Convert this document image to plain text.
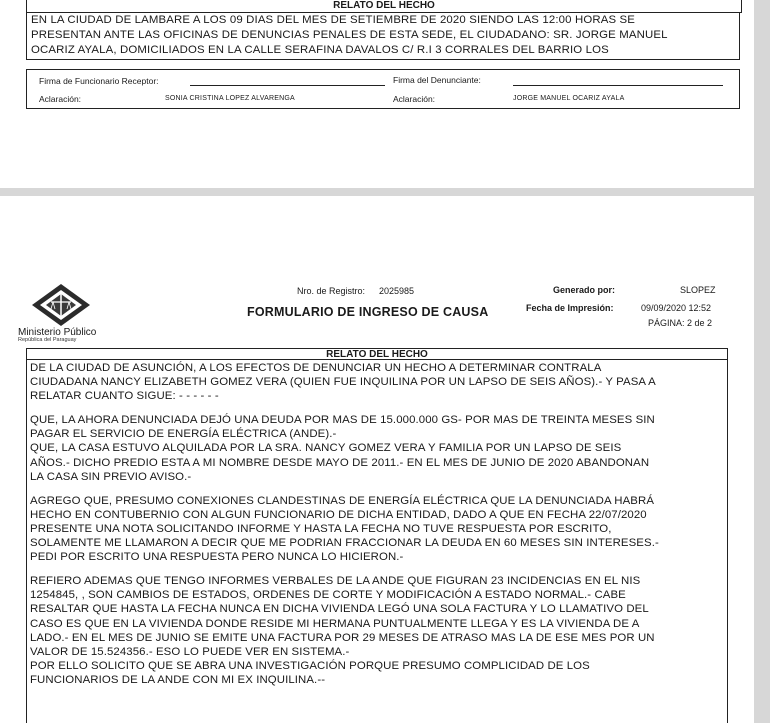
RELATO DEL HECHO
EN LA CIUDAD DE LAMBARE A LOS 09 DIAS DEL MES DE SETIEMBRE DE 2020 SIENDO LAS 12:00 HORAS SE
PRESENTAN ANTE LAS OFICINAS DE DENUNCIAS PENALES DE ESTA SEDE, EL CIUDADANO: SR. JORGE MANUEL
OCARIZ AYALA, DOMICILIADOS EN LA CALLE SERAFINA DAVALOS C/ R.I 3 CORRALES DEL BARRIO LOS
Firma de Funcionario Receptor:	Firma del Denunciante:
Aclaración:	SONIA CRISTINA LOPEZ ALVARENGA	Aclaración:	JORGE MANUEL OCARIZ AYALA
Ministerio Público
República del Paraguay
Nro. de Registro: 2025985
FORMULARIO DE INGRESO DE CAUSA
Generado por:	SLOPEZ
Fecha de Impresión:	09/09/2020 12:52
PÁGINA: 2 de 2
RELATO DEL HECHO
DE LA CIUDAD DE ASUNCIÓN, A LOS EFECTOS DE DENUNCIAR UN HECHO A DETERMINAR CONTRALA
CIUDADANA NANCY ELIZABETH GOMEZ VERA (QUIEN FUE INQUILINA POR UN LAPSO DE SEIS AÑOS).- Y PASA A
RELATAR CUANTO SIGUE: - - - - - -
QUE, LA AHORA DENUNCIADA DEJÓ UNA DEUDA POR MAS DE 15.000.000 GS- POR MAS DE TREINTA MESES SIN
PAGAR EL SERVICIO DE ENERGÍA ELÉCTRICA (ANDE).-
QUE, LA CASA ESTUVO ALQUILADA POR LA SRA. NANCY GOMEZ VERA Y FAMILIA POR UN LAPSO DE SEIS
AÑOS.- DICHO PREDIO ESTA A MI NOMBRE DESDE MAYO DE 2011.- EN EL MES DE JUNIO DE 2020 ABANDONAN
LA CASA SIN PREVIO AVISO.-
AGREGO QUE, PRESUMO CONEXIONES CLANDESTINAS DE ENERGÍA ELÉCTRICA QUE LA DENUNCIADA HABRÁ
HECHO EN CONTUBERNIO CON ALGUN FUNCIONARIO DE DICHA ENTIDAD, DADO A QUE EN FECHA 22/07/2020
PRESENTE UNA NOTA SOLICITANDO INFORME Y HASTA LA FECHA NO TUVE RESPUESTA POR ESCRITO,
SOLAMENTE ME LLAMARON A DECIR QUE ME PODRIAN FRACCIONAR LA DEUDA EN 60 MESES SIN INTERESES.-
PEDI POR ESCRITO UNA RESPUESTA PERO NUNCA LO HICIERON.-
REFIERO ADEMAS QUE TENGO INFORMES VERBALES DE LA ANDE QUE FIGURAN 23 INCIDENCIAS EN EL NIS
1254845, , SON CAMBIOS DE ESTADOS, ORDENES DE CORTE Y MODIFICACIÓN A ESTADO NORMAL.- CABE
RESALTAR QUE HASTA LA FECHA NUNCA EN DICHA VIVIENDA LEGÓ UNA SOLA FACTURA Y LO LLAMATIVO DEL
CASO ES QUE EN LA VIVIENDA DONDE RESIDE MI HERMANA PUNTUALMENTE LLEGA Y ES LA VIVIENDA DE A
LADO.- EN EL MES DE JUNIO SE EMITE UNA FACTURA POR 29 MESES DE ATRASO MAS LA DE ESE MES POR UN
VALOR DE 15.524356.- ESO LO PUEDE VER EN SISTEMA.-
POR ELLO SOLICITO QUE SE ABRA UNA INVESTIGACIÓN PORQUE PRESUMO COMPLICIDAD DE LOS
FUNCIONARIOS DE LA ANDE CON MI EX INQUILINA.--
